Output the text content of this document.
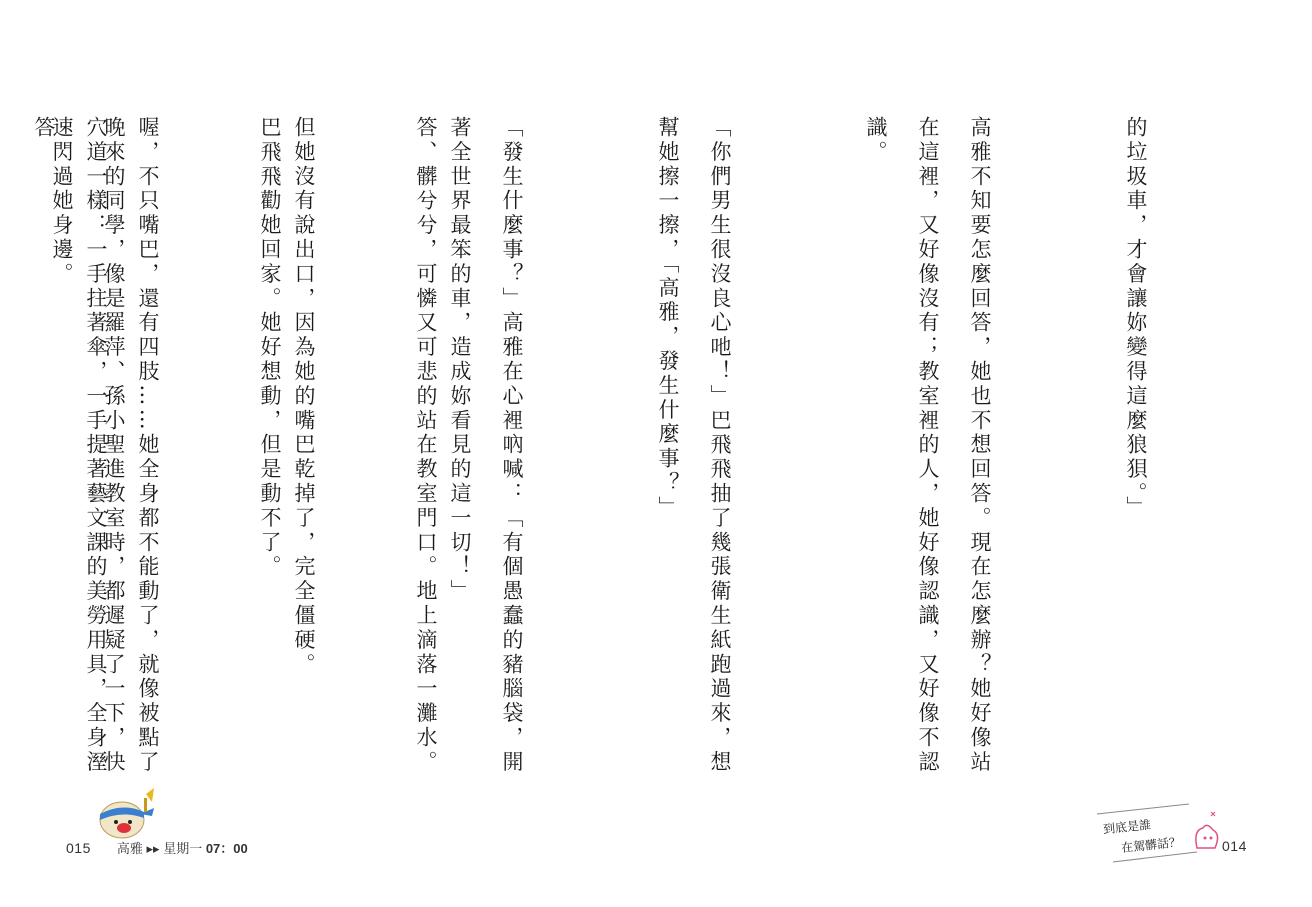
答、髒兮兮，可憐又可悲的站在教室門口。地上滴落一灘水。

巴飛飛勸她回家。她好想動，但是動不了。

晚來的同學，像是羅萍、孫小聖進教室時，都遲疑了一下，快速閃過她身邊。

015 高雅 ▸▸ 星期一 07：00

的垃圾車，才會讓妳變得這麼狼狽。」

高雅不知要怎麼回答，她也不想回答。現在怎麼辦？她好像站在這裡，又好像沒有；教室裡的人，她好像認識，又好像不認識。

「你們男生很沒良心吔！」巴飛飛抽了幾張衛生紙跑過來，想幫她擦一擦，「高雅，發生什麼事？」

「發生什麼事？」高雅在心裡吶喊：「有個愚蠢的豬腦袋，開著全世界最笨的車，造成妳看見的這一切！」

但她沒有說出口，因為她的嘴巴乾掉了，完全僵硬。

喔，不只嘴巴，還有四肢……她全身都不能動了，就像被點了穴道一樣：一手拄著傘，一手提著藝文課的美勞用具，全身溼答

到底是誰
在駕髒話？	014
